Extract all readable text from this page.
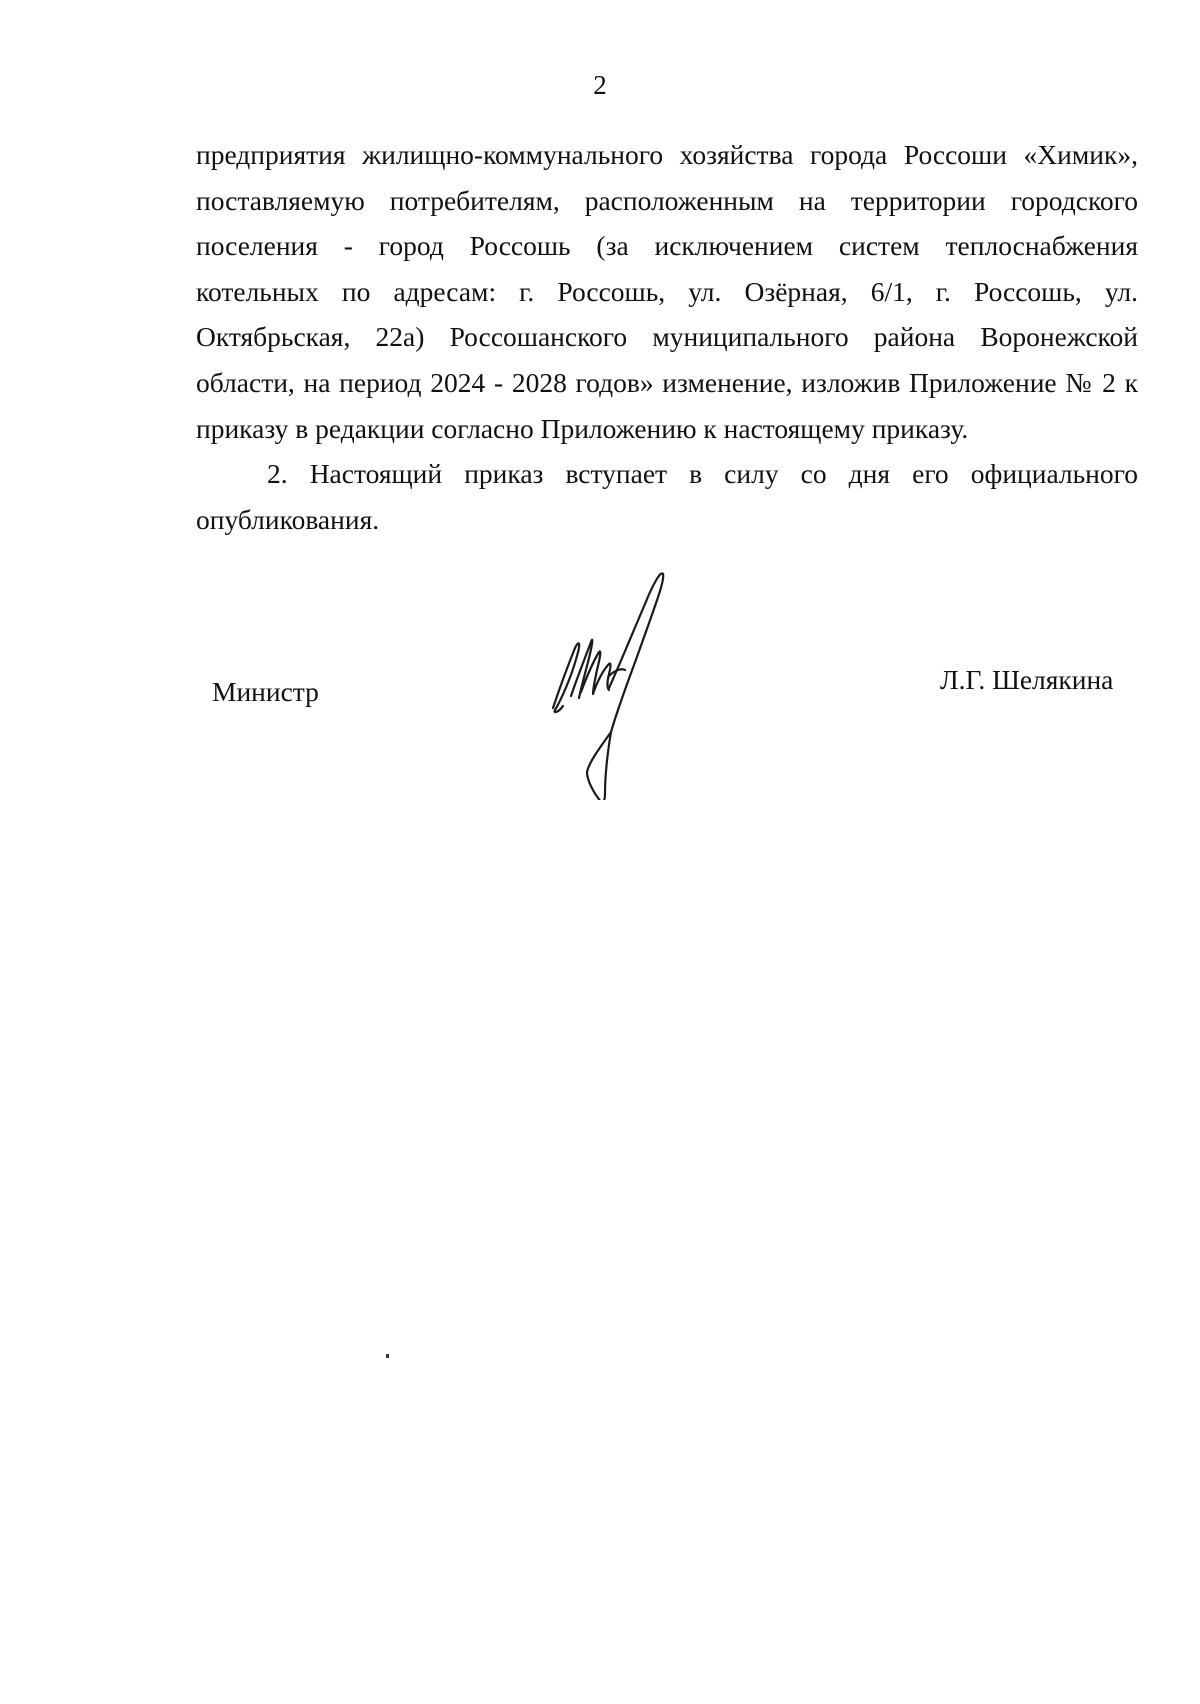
2

предприятия жилищно-коммунального хозяйства города Россоши «Химик»,
поставляемую потребителям, расположенным на территории городского
поселения - город Россошь (за исключением систем теплоснабжения
котельных по адресам: г. Россошь, ул. Озёрная, 6/1, г. Россошь, ул.
Октябрьская, 22а) Россошанского муниципального района Воронежской
области, на период 2024 - 2028 годов» изменение, изложив Приложение № 2 к
приказу в редакции согласно Приложению к настоящему приказу.

2. Настоящий приказ вступает в силу со дня его официального
опубликования.

Министр	Л.Г. Шелякина
